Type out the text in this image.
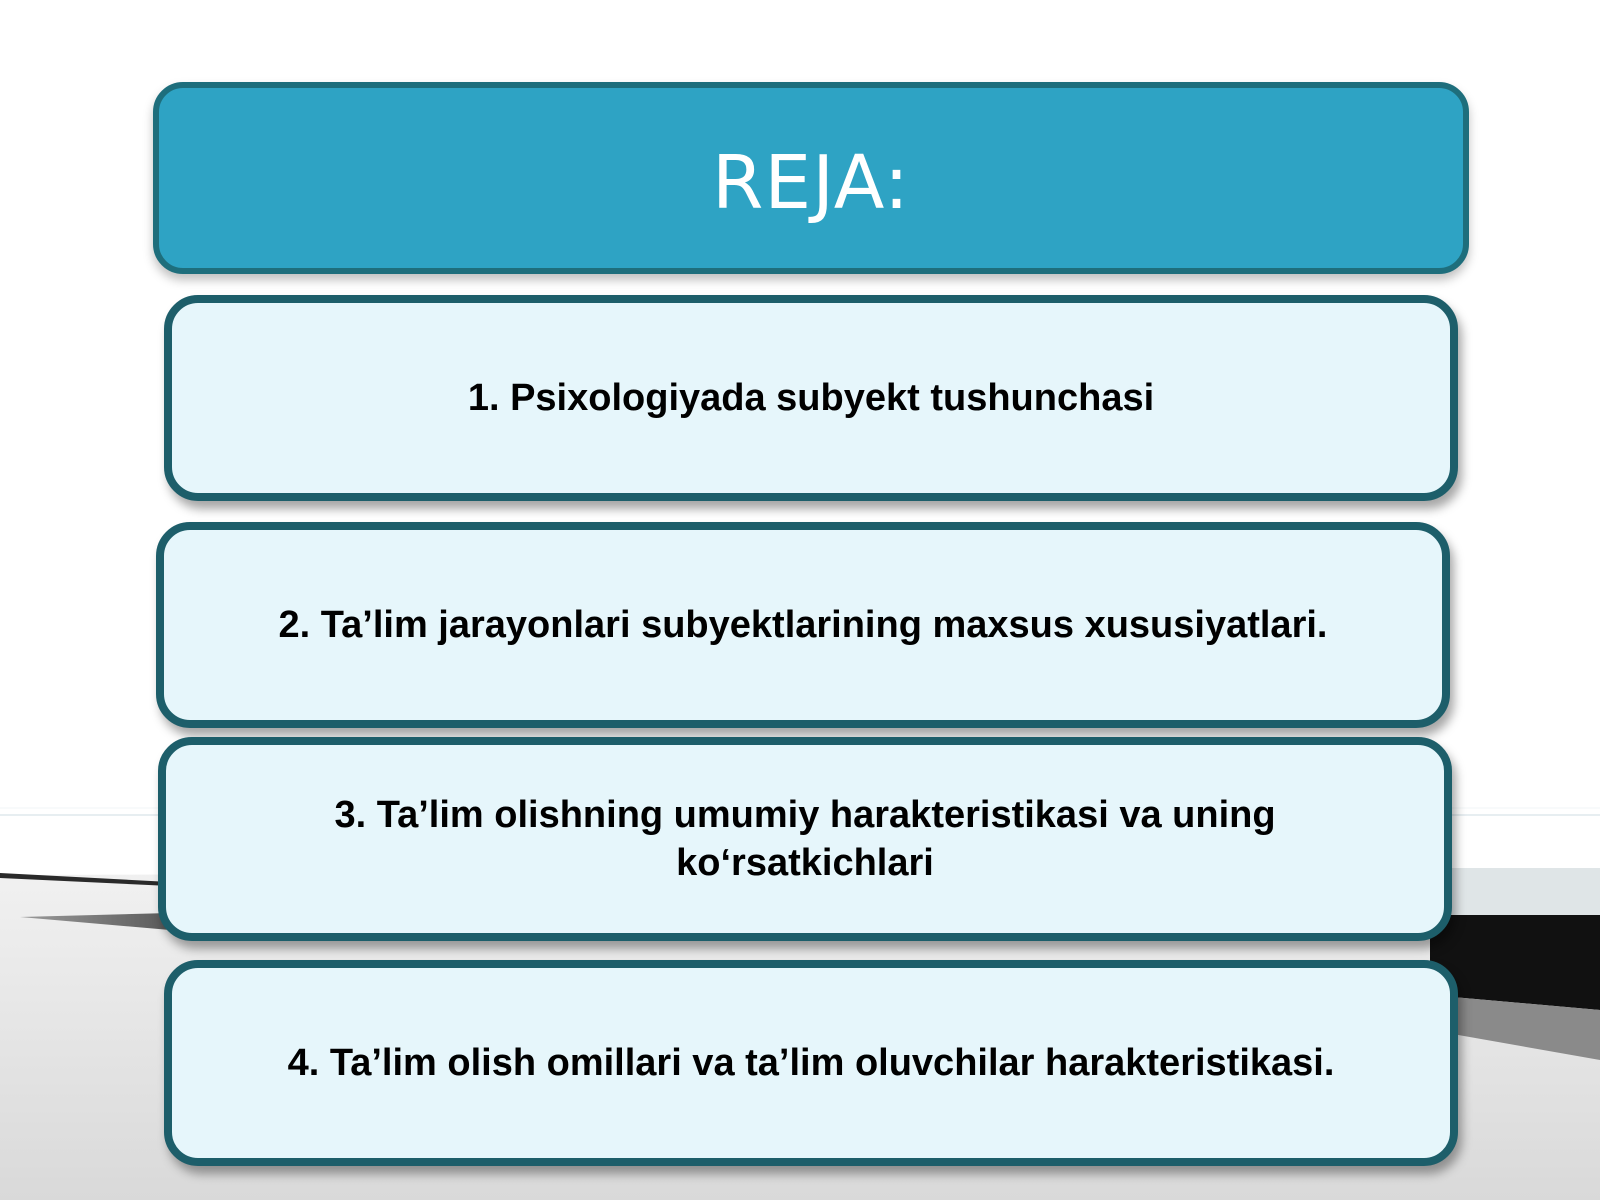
REJA:
1. Psixologiyada subyekt tushunchasi
2. Ta’lim jarayonlari subyektlarining maxsus xususiyatlari.
3. Ta’lim olishning umumiy harakteristikasi va uning ko‘rsatkichlari
4. Ta’lim olish omillari va ta’lim oluvchilar harakteristikasi.
